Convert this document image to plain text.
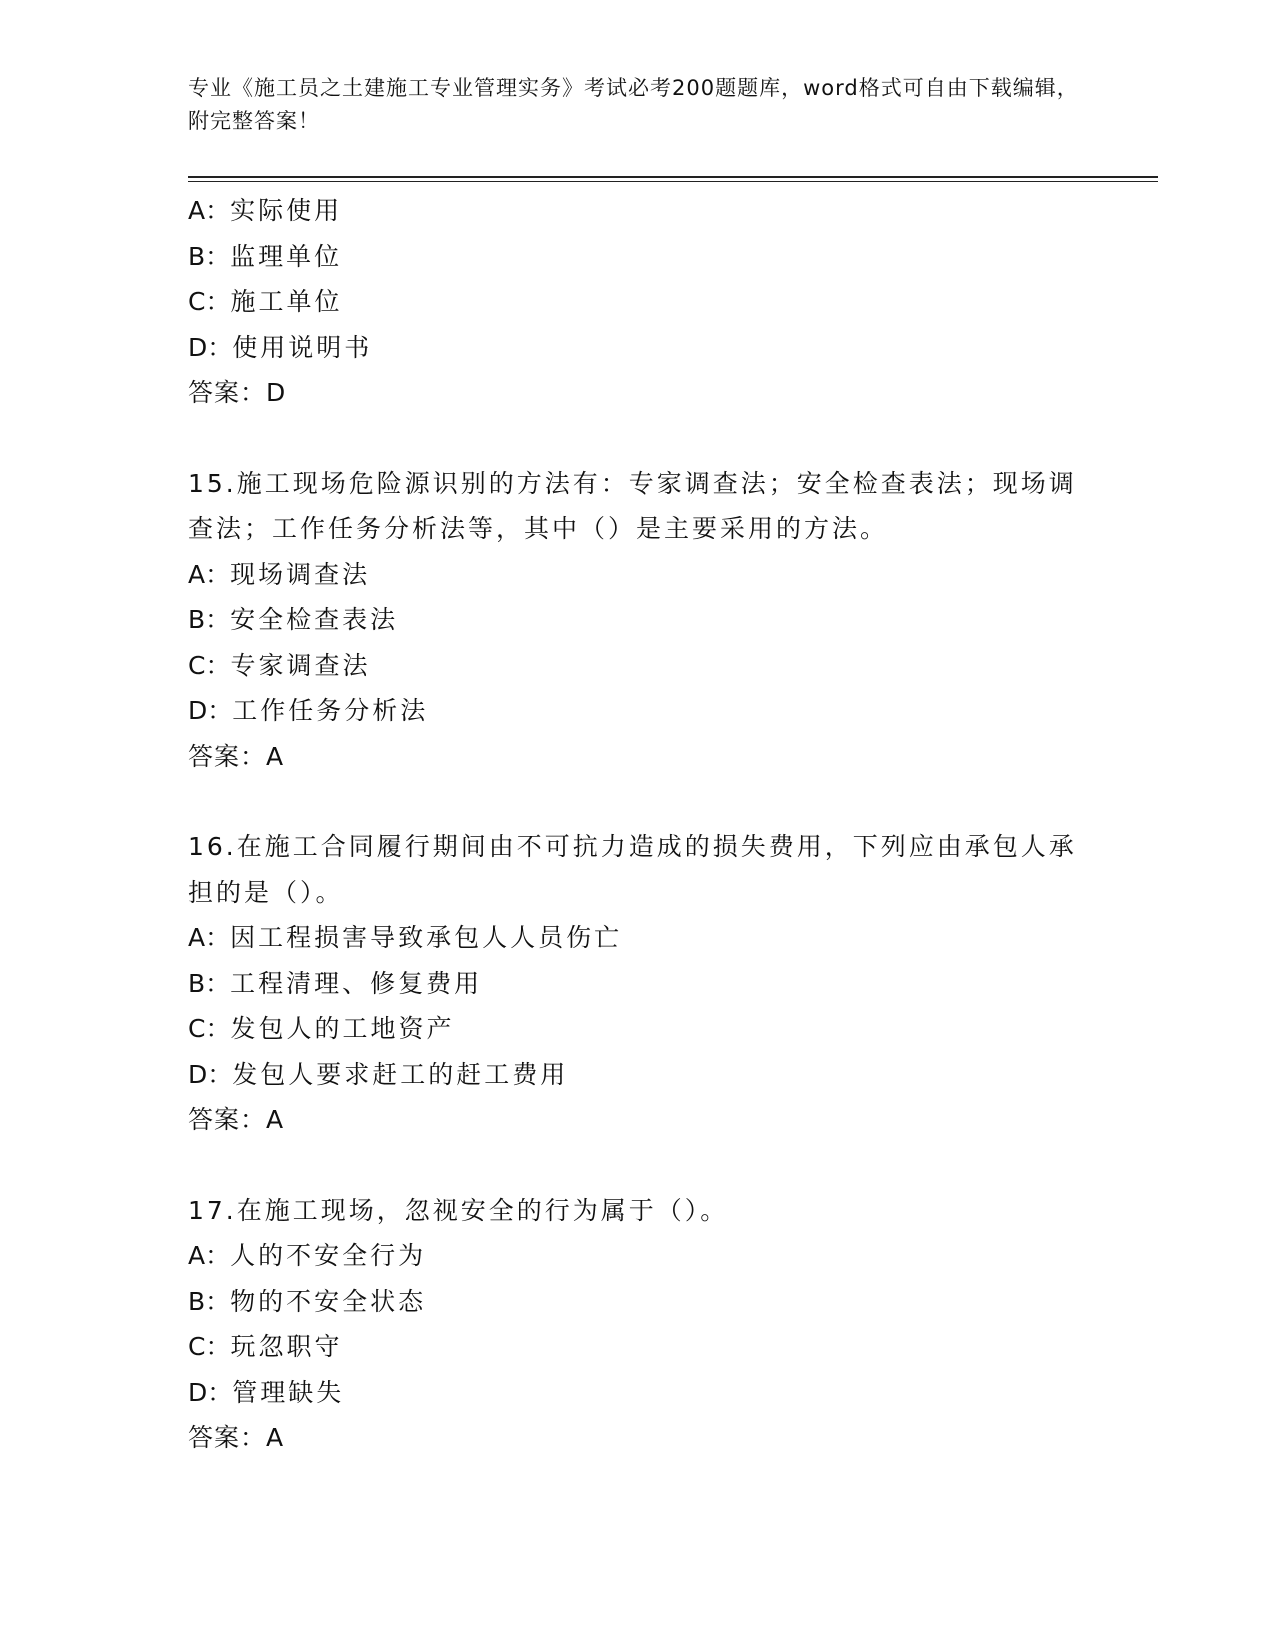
专业《施工员之土建施工专业管理实务》考试必考200题题库，word格式可自由下载编辑，附完整答案！

A：实际使用

B：监理单位

C：施工单位

D：使用说明书

答案：D

15.施工现场危险源识别的方法有：专家调查法；安全检查表法；现场调查法；工作任务分析法等，其中（）是主要采用的方法。

A：现场调查法

B：安全检查表法

C：专家调查法

D：工作任务分析法

答案：A

16.在施工合同履行期间由不可抗力造成的损失费用，下列应由承包人承担的是（）。

A：因工程损害导致承包人人员伤亡

B：工程清理、修复费用

C：发包人的工地资产

D：发包人要求赶工的赶工费用

答案：A

17.在施工现场，忽视安全的行为属于（）。

A：人的不安全行为

B：物的不安全状态

C：玩忽职守

D：管理缺失

答案：A
